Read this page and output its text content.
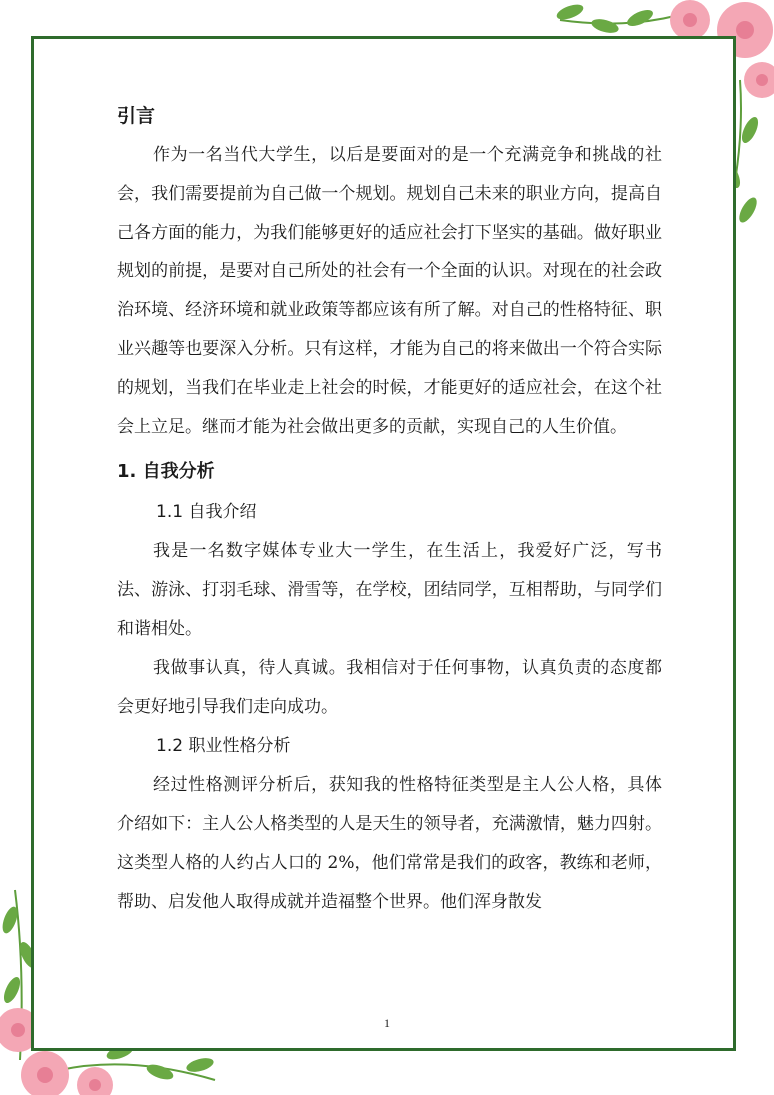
引言

作为一名当代大学生，以后是要面对的是一个充满竞争和挑战的社会，我们需要提前为自己做一个规划。规划自己未来的职业方向，提高自己各方面的能力，为我们能够更好的适应社会打下坚实的基础。做好职业规划的前提，是要对自己所处的社会有一个全面的认识。对现在的社会政治环境、经济环境和就业政策等都应该有所了解。对自己的性格特征、职业兴趣等也要深入分析。只有这样，才能为自己的将来做出一个符合实际的规划，当我们在毕业走上社会的时候，才能更好的适应社会，在这个社会上立足。继而才能为社会做出更多的贡献，实现自己的人生价值。

1. 自我分析
1.1 自我介绍

我是一名数字媒体专业大一学生，在生活上，我爱好广泛，写书法、游泳、打羽毛球、滑雪等，在学校，团结同学，互相帮助，与同学们和谐相处。

我做事认真，待人真诚。我相信对于任何事物，认真负责的态度都会更好地引导我们走向成功。

1.2 职业性格分析

经过性格测评分析后，获知我的性格特征类型是主人公人格，具体介绍如下：主人公人格类型的人是天生的领导者，充满激情，魅力四射。这类型人格的人约占人口的 2%，他们常常是我们的政客，教练和老师，帮助、启发他人取得成就并造福整个世界。他们浑身散发

1
